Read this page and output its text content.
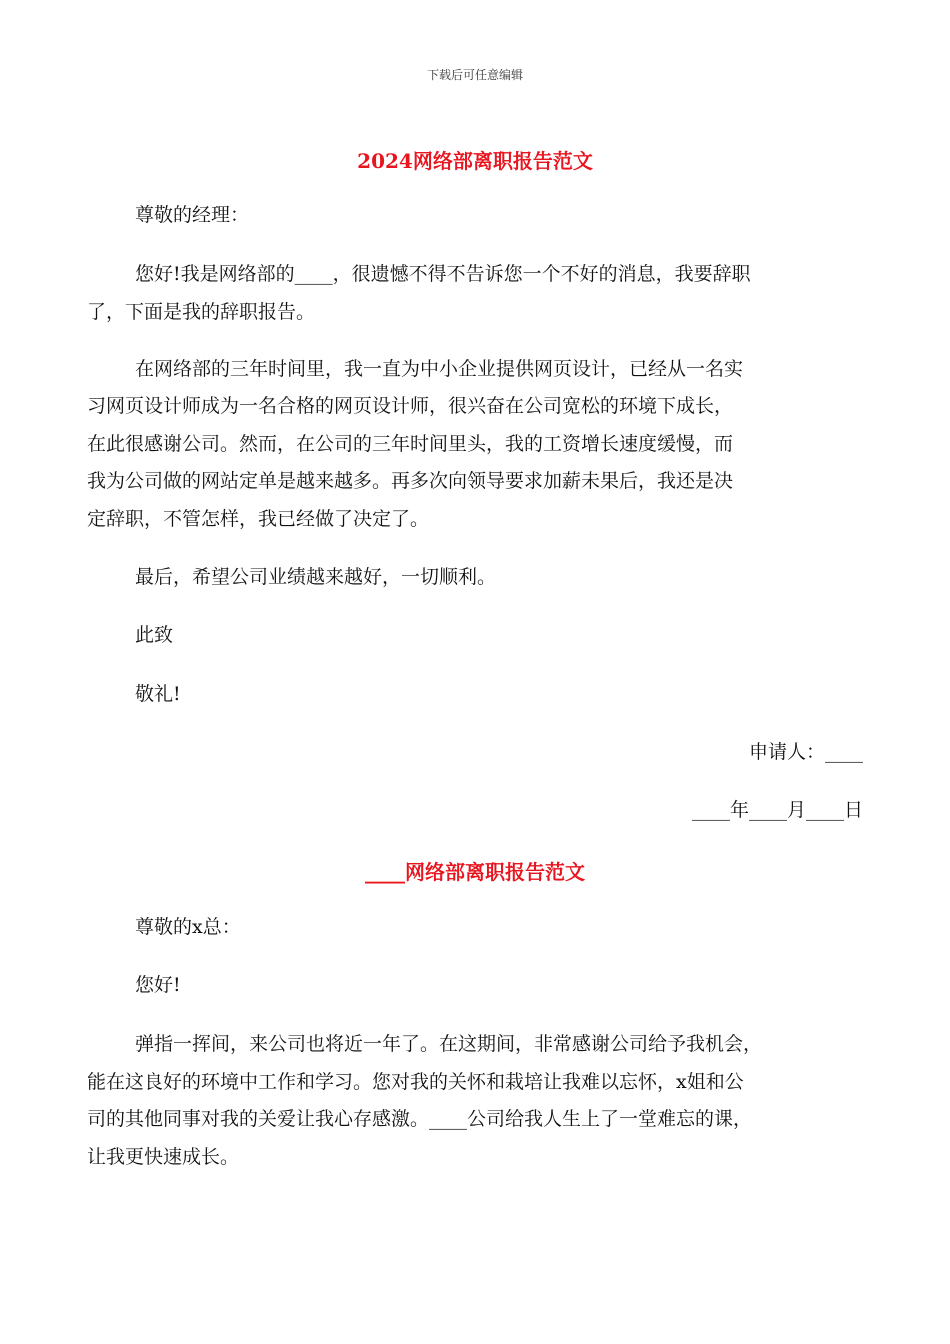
下载后可任意编辑
2024网络部离职报告范文
尊敬的经理：
您好!我是网络部的____，很遗憾不得不告诉您一个不好的消息，我要辞职
了，下面是我的辞职报告。
在网络部的三年时间里，我一直为中小企业提供网页设计，已经从一名实
习网页设计师成为一名合格的网页设计师，很兴奋在公司宽松的环境下成长，
在此很感谢公司。然而，在公司的三年时间里头，我的工资增长速度缓慢，而
我为公司做的网站定单是越来越多。再多次向领导要求加薪未果后，我还是决
定辞职，不管怎样，我已经做了决定了。
最后，希望公司业绩越来越好，一切顺利。
此致
敬礼!
申请人：____
____年____月____日
____网络部离职报告范文
尊敬的x总：
您好!
弹指一挥间，来公司也将近一年了。在这期间，非常感谢公司给予我机会，
能在这良好的环境中工作和学习。您对我的关怀和栽培让我难以忘怀，x姐和公
司的其他同事对我的关爱让我心存感激。____公司给我人生上了一堂难忘的课，
让我更快速成长。
